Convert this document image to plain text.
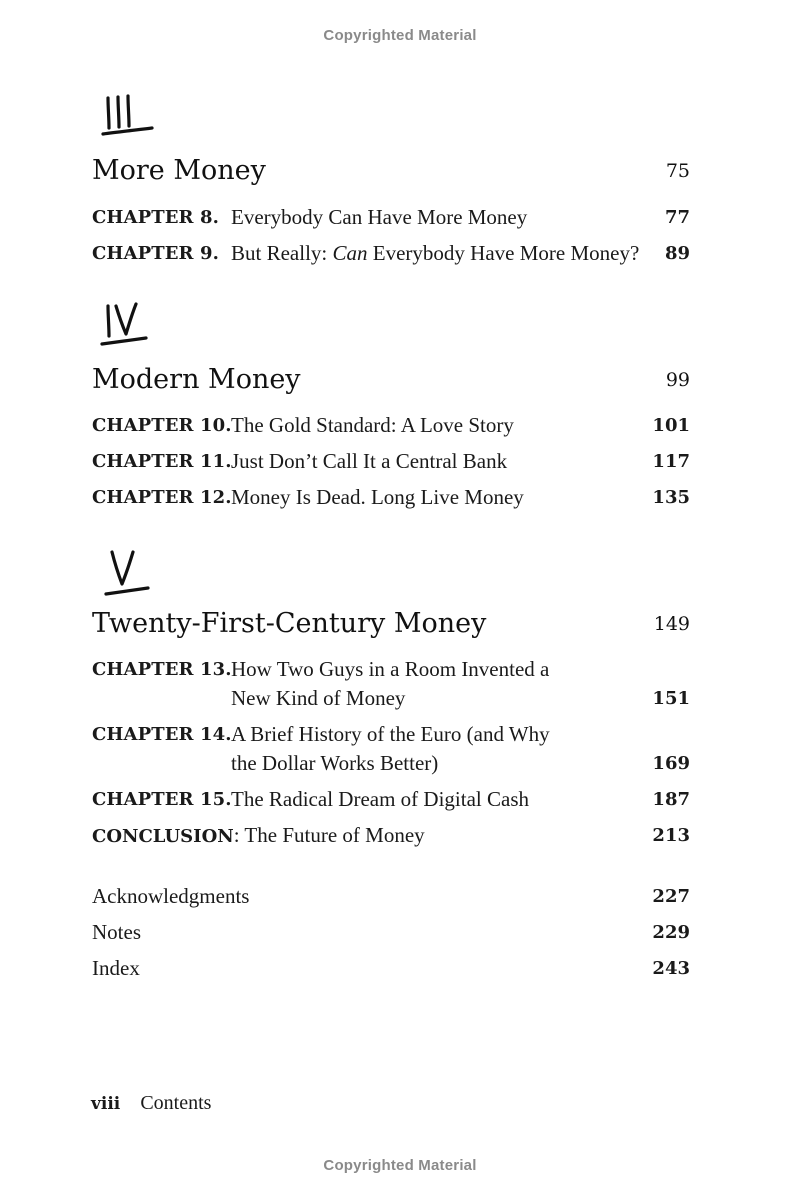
Copyrighted Material
More Money	75
CHAPTER 8. Everybody Can Have More Money	77
CHAPTER 9. But Really: Can Everybody Have More Money? 89
Modern Money	99
CHAPTER 10. The Gold Standard: A Love Story	101
CHAPTER 11. Just Don’t Call It a Central Bank	117
CHAPTER 12. Money Is Dead. Long Live Money	135
Twenty-First-Century Money	149
CHAPTER 13. How Two Guys in a Room Invented a
New Kind of Money	151
CHAPTER 14. A Brief History of the Euro (and Why
the Dollar Works Better)	169
CHAPTER 15. The Radical Dream of Digital Cash	187
CONCLUSION: The Future of Money	213
Acknowledgments	227
Notes	229
Index	243
viii Contents
Copyrighted Material
